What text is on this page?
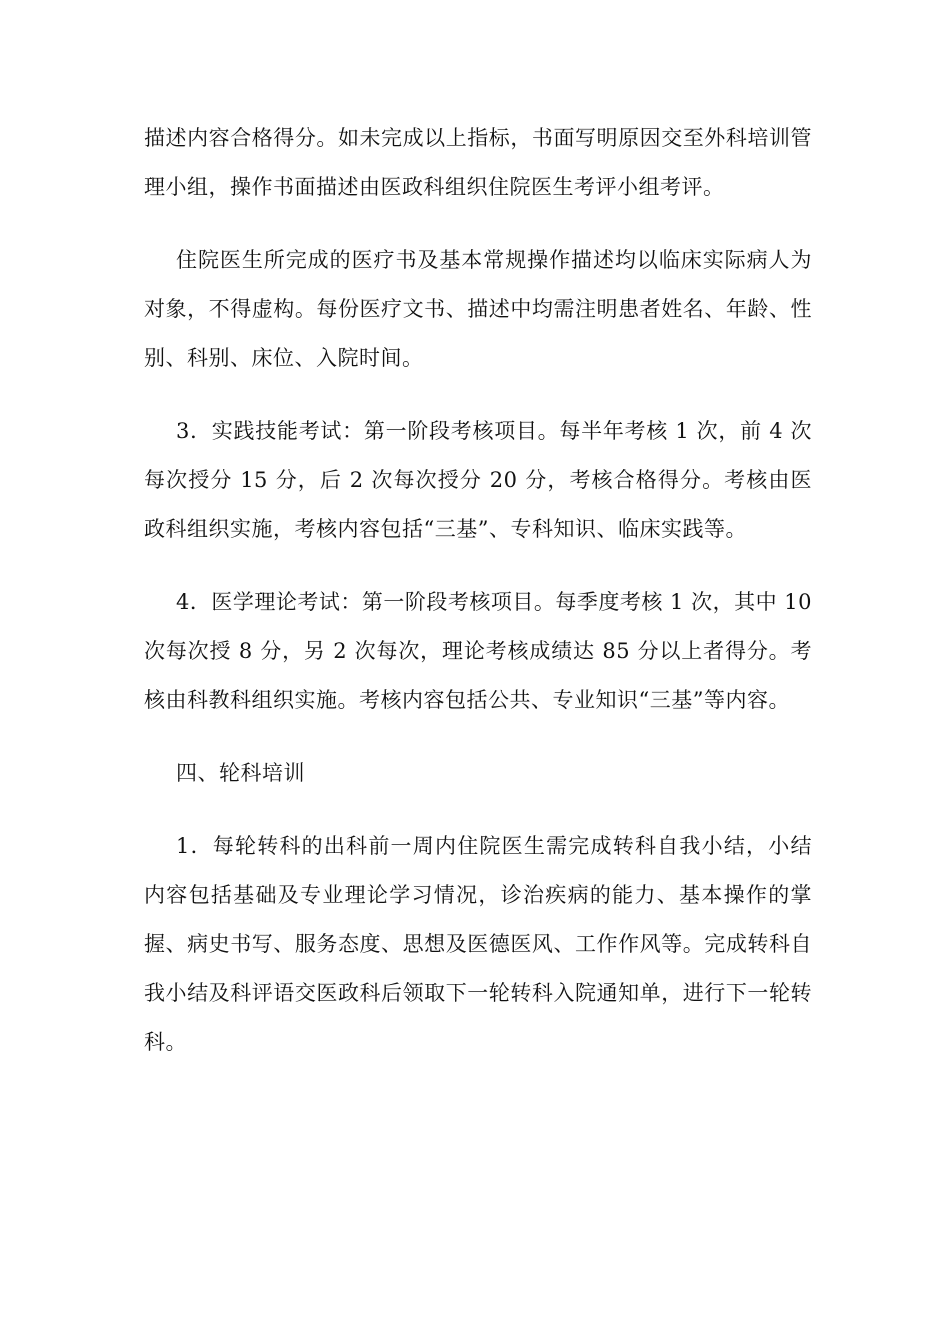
描述内容合格得分。如未完成以上指标，书面写明原因交至外科培训管理小组，操作书面描述由医政科组织住院医生考评小组考评。

住院医生所完成的医疗书及基本常规操作描述均以临床实际病人为对象，不得虚构。每份医疗文书、描述中均需注明患者姓名、年龄、性别、科别、床位、入院时间。

3．实践技能考试：第一阶段考核项目。每半年考核 1 次，前 4 次每次授分 15 分，后 2 次每次授分 20 分，考核合格得分。考核由医政科组织实施，考核内容包括“三基”、专科知识、临床实践等。

4．医学理论考试：第一阶段考核项目。每季度考核 1 次，其中 10 次每次授 8 分，另 2 次每次，理论考核成绩达 85 分以上者得分。考核由科教科组织实施。考核内容包括公共、专业知识“三基”等内容。

四、轮科培训

1．每轮转科的出科前一周内住院医生需完成转科自我小结，小结内容包括基础及专业理论学习情况，诊治疾病的能力、基本操作的掌握、病史书写、服务态度、思想及医德医风、工作作风等。完成转科自我小结及科评语交医政科后领取下一轮转科入院通知单，进行下一轮转科。
